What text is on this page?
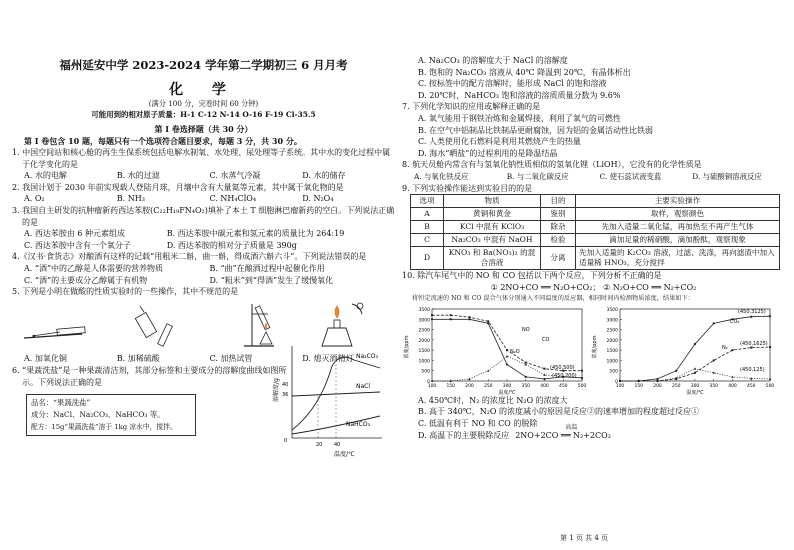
福州延安中学 2023-2024 学年第二学期初三 6 月月考
化 学
(满分 100 分，完卷时间 60 分钟)
可能用到的相对原子质量：H-1 C-12 N-14 O-16 F-19 Cl-35.5
第 I 卷选择题（共 30 分）
第 I 卷包含 10 题，每题只有一个选项符合题目要求，每题 3 分，共 30 分。
1. 中国空间站和核心舱的再生生保系统包括电解水制氧、水处理、尿处理等子系统。其中水的变化过程中属于化学变化的是
A. 水的电解	B. 水的过滤	C. 水蒸气冷凝	D. 水的储存
2. 我国计划于 2030 年前实现载人登陆月球，月壤中含有大量氦等元素，其中属于氧化物的是
A. O₂	B. NH₃	C. NH₄ClO₄	D. N₂O₄
3. 我国自主研发的抗肿瘤新药西达苯胺(C₂₂H₁₉FN₄O₂)填补了本土 T 细胞淋巴瘤新药的空白。下列说法正确的是
A. 西达苯胺由 6 种元素组成	B. 西达苯胺中碳元素和氢元素的质量比为 264:19
C. 西达苯胺中含有一个氧分子	D. 西达苯胺的相对分子质量是 390g
4.《汉书·食货志》对酿酒有这样的记载“用粗米二斛，曲一斛，得成酒六斛六斗”。下列说法错误的是
A. “酒”中的乙醇是人体需要的营养物质	B. “曲”在酿酒过程中起催化作用
C. “酒”的主要成分乙醇属于有机物	D. “粗米”到“得酒”发生了缓慢氧化
5. 下列是小明在做酸的性质实验时的一些操作，其中不规范的是
A. 加氧化铜	B. 加稀硫酸	C. 加热试管	D. 熄灭酒精灯
6. “果蔬洗盐”是一种果蔬清洁剂，其部分标签和主要成分的溶解度曲线如图所示。下列说法正确的是
品名：“果蔬洗盐”
成分：NaCl、Na₂CO₃、NaHCO₃ 等。
配方：15g“果蔬洗盐”溶于 1kg 凉水中，搅拌。
溶解度/g
温度/℃
0
36
40
20 40
Na₂CO₃
NaCl
NaHCO₃
A. Na₂CO₃ 的溶解度大于 NaCl 的溶解度
B. 饱和的 Na₂CO₃ 溶液从 40℃ 降温到 20℃，有晶体析出
C. 按标签中的配方溶解时，能形成 NaCl 的饱和溶液
D. 20℃时，NaHCO₃ 饱和溶液的溶质质量分数为 9.6%
7. 下列化学知识的应用或解释正确的是
A. 氧气能用于钢铁冶炼和金属焊接，利用了氧气的可燃性
B. 在空气中铝制品比铁制品更耐腐蚀，因为铝的金属活动性比铁弱
C. 人类使用化石燃料是利用其燃烧产生的热量
D. 海水“晒盐”的过程利用的是降温结晶
8. 航天员舱内常含有与氢氧化钠性质相似的氢氧化锂（LiOH），它没有的化学性质是
A. 与氧化铁反应	B. 与二氧化碳反应	C. 使石蕊试液变蓝	D. 与硫酸铜溶液反应
9. 下列实验操作能达到实验目的的是
选项	物质	目的	主要实验操作
A	黄铜和黄金	鉴别	取样，观察颜色
B	KCl 中混有 KClO₃	除杂	先加入适量二氧化锰，再加热至不再产生气体
C	Na₂CO₃ 中混有 NaOH	检验	滴加足量的稀硝酸，滴加酚酞，观察现象
D	KNO₃ 和 Ba(NO₃)₂ 的混合溶液	分离	先加入适量的 K₂CO₃ 溶液，过滤、洗涤，再向滤渣中加入适量稀 HNO₃，充分搅拌
10. 除汽车尾气中的 NO 和 CO 包括以下两个反应，下列分析不正确的是
① 2NO+CO ══ N₂O+CO₂； ② N₂O+CO ══ N₂+CO₂
将恒定流速的 NO 和 CO 混合气体分别通入不同温度的反应器，相同时间内检测物质浓度，结果如下：
0
500
1000
1500
2000
2500
3000
3500
100 150 200 250 300 350 400 450 500
浓度/ppm
温度/℃
NO
CO
N₂O
(450,500)
(450,200)
0
500
1000
1500
2000
2500
3000
3500
100 150 200 250 300 350 400 450 500
浓度/ppm
温度/℃
(450,3125)
(450,1625)
(450,125)
CO₂
N₂
A. 450℃时，N₂ 的浓度比 N₂O 的浓度大
B. 高于 340℃，N₂O 的浓度减小的原因是反应②的速率增加的程度超过反应①
C. 低温有利于 NO 和 CO 的脱除
D. 高温下的主要脱除反应
高温
2NO+2CO ══ N₂+2CO₂
第 1 页 共 4 页
